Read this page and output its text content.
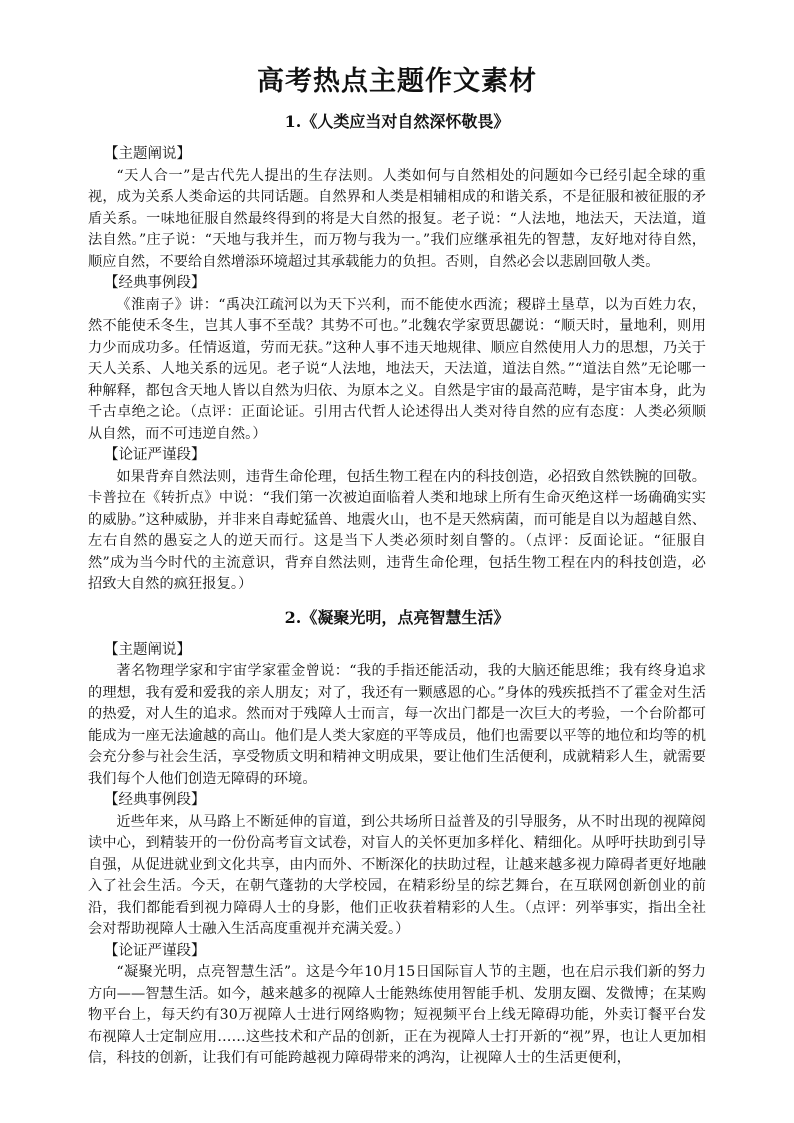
高考热点主题作文素材
1.《人类应当对自然深怀敬畏》

【主题阐说】

“天人合一”是古代先人提出的生存法则。人类如何与自然相处的问题如今已经引起全球的重视，成为关系人类命运的共同话题。自然界和人类是相辅相成的和谐关系，不是征服和被征服的矛盾关系。一味地征服自然最终得到的将是大自然的报复。老子说：“人法地，地法天，天法道，道法自然。”庄子说：“天地与我并生，而万物与我为一。”我们应继承祖先的智慧，友好地对待自然，顺应自然，不要给自然增添环境超过其承载能力的负担。否则，自然必会以悲剧回敬人类。

【经典事例段】

《淮南子》讲：“禹决江疏河以为天下兴利，而不能使水西流；稷辟土垦草，以为百姓力农，然不能使禾冬生，岂其人事不至哉？其势不可也。”北魏农学家贾思勰说：“顺天时，量地利，则用力少而成功多。任情返道，劳而无获。”这种人事不违天地规律、顺应自然使用人力的思想，乃关于天人关系、人地关系的远见。老子说“人法地，地法天，天法道，道法自然。”“道法自然”无论哪一种解释，都包含天地人皆以自然为归依、为原本之义。自然是宇宙的最高范畴，是宇宙本身，此为千古卓绝之论。（点评：正面论证。引用古代哲人论述得出人类对待自然的应有态度：人类必须顺从自然，而不可违逆自然。）

【论证严谨段】

如果背弃自然法则，违背生命伦理，包括生物工程在内的科技创造，必招致自然铁腕的回敬。卡普拉在《转折点》中说：“我们第一次被迫面临着人类和地球上所有生命灭绝这样一场确确实实的威胁。”这种威胁，并非来自毒蛇猛兽、地震火山，也不是天然病菌，而可能是自以为超越自然、左右自然的愚妄之人的逆天而行。这是当下人类必须时刻自警的。（点评：反面论证。“征服自然”成为当今时代的主流意识，背弃自然法则，违背生命伦理，包括生物工程在内的科技创造，必招致大自然的疯狂报复。）

2.《凝聚光明，点亮智慧生活》

【主题阐说】

著名物理学家和宇宙学家霍金曾说：“我的手指还能活动，我的大脑还能思维；我有终身追求的理想，我有爱和爱我的亲人朋友；对了，我还有一颗感恩的心。”身体的残疾抵挡不了霍金对生活的热爱，对人生的追求。然而对于残障人士而言，每一次出门都是一次巨大的考验，一个台阶都可能成为一座无法逾越的高山。他们是人类大家庭的平等成员，他们也需要以平等的地位和均等的机会充分参与社会生活，享受物质文明和精神文明成果，要让他们生活便利，成就精彩人生，就需要我们每个人他们创造无障碍的环境。

【经典事例段】

近些年来，从马路上不断延伸的盲道，到公共场所日益普及的引导服务，从不时出现的视障阅读中心，到精装开的一份份高考盲文试卷，对盲人的关怀更加多样化、精细化。从呼吁扶助到引导自强，从促进就业到文化共享，由内而外、不断深化的扶助过程，让越来越多视力障碍者更好地融入了社会生活。今天，在朝气蓬勃的大学校园，在精彩纷呈的综艺舞台，在互联网创新创业的前沿，我们都能看到视力障碍人士的身影，他们正收获着精彩的人生。（点评：列举事实，指出全社会对帮助视障人士融入生活高度重视并充满关爱。）

【论证严谨段】

“凝聚光明，点亮智慧生活”。这是今年10月15日国际盲人节的主题，也在启示我们新的努力方向——智慧生活。如今，越来越多的视障人士能熟练使用智能手机、发朋友圈、发微博；在某购物平台上，每天约有30万视障人士进行网络购物；短视频平台上线无障碍功能，外卖订餐平台发布视障人士定制应用……这些技术和产品的创新，正在为视障人士打开新的“视”界，也让人更加相信，科技的创新，让我们有可能跨越视力障碍带来的鸿沟，让视障人士的生活更便利，
